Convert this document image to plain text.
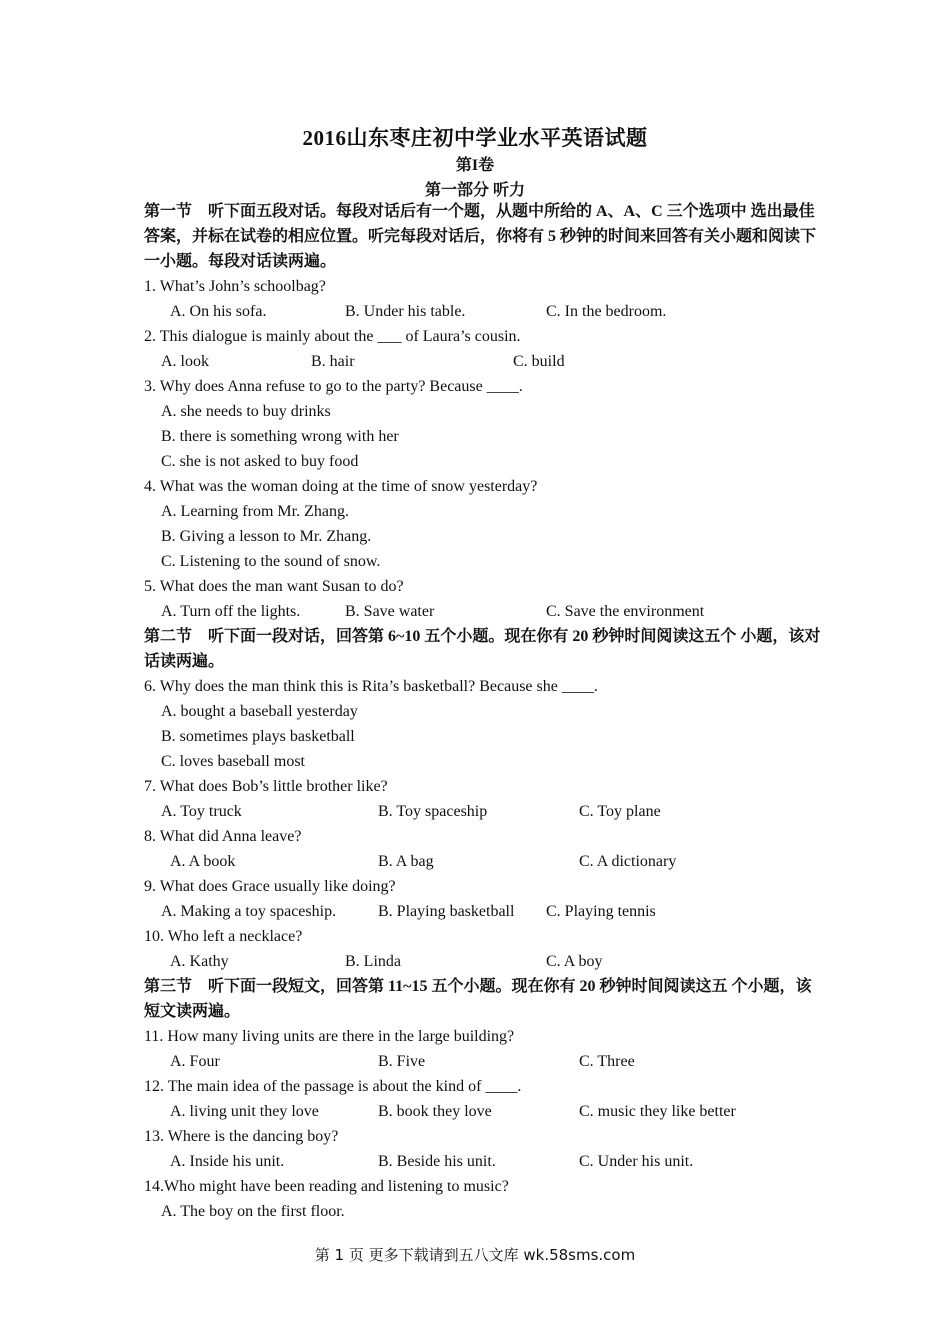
2016山东枣庄初中学业水平英语试题
第I卷
第一部分 听力

第一节　听下面五段对话。每段对话后有一个题，从题中所给的 A、A、C 三个选项中 选出最佳答案，并标在试卷的相应位置。听完每段对话后，你将有 5 秒钟的时间来回答有关小题和阅读下一小题。每段对话读两遍。

1. What’s John’s schoolbag?
A. On his sofa.	B. Under his table.	C. In the bedroom.
2. This dialogue is mainly about the ___ of Laura’s cousin.
A. look	B. hair	C. build
3. Why does Anna refuse to go to the party? Because ____.
A. she needs to buy drinks
B. there is something wrong with her
C. she is not asked to buy food
4. What was the woman doing at the time of snow yesterday?
A. Learning from Mr. Zhang.
B. Giving a lesson to Mr. Zhang.
C. Listening to the sound of snow.
5. What does the man want Susan to do?
A. Turn off the lights.	B. Save water	C. Save the environment

第二节　听下面一段对话，回答第 6~10 五个小题。现在你有 20 秒钟时间阅读这五个 小题，该对话读两遍。

6. Why does the man think this is Rita’s basketball? Because she ____.
A. bought a baseball yesterday
B. sometimes plays basketball
C. loves baseball most
7. What does Bob’s little brother like?
A. Toy truck	B. Toy spaceship	C. Toy plane
8. What did Anna leave?
A. A book	B. A bag	C. A dictionary
9. What does Grace usually like doing?
A. Making a toy spaceship.	B. Playing basketball C. Playing tennis
10. Who left a necklace?
A. Kathy	B. Linda	C. A boy

第三节　听下面一段短文，回答第 11~15 五个小题。现在你有 20 秒钟时间阅读这五 个小题，该短文读两遍。

11. How many living units are there in the large building?
A. Four	B. Five	C. Three
12. The main idea of the passage is about the kind of ____.
A. living unit they love	B. book they love	C. music they like better
13. Where is the dancing boy?
A. Inside his unit.	B. Beside his unit.	C. Under his unit.
14.Who might have been reading and listening to music?
A. The boy on the first floor.
第 1 页 更多下载请到五八文库 wk.58sms.com
